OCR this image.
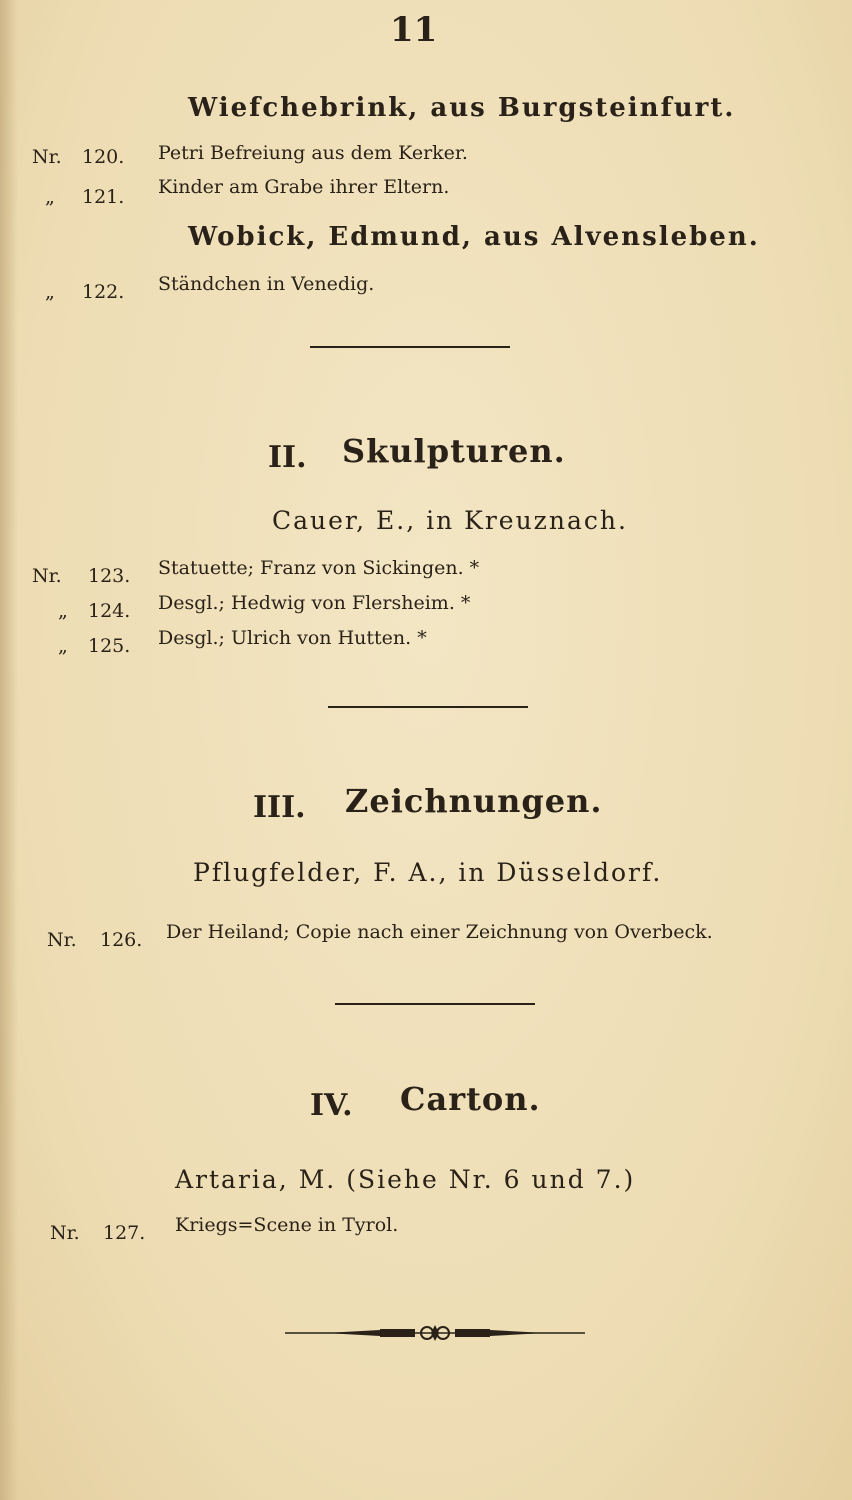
11
Wiefchebrink, aus Burgsteinfurt.
Nr. 120. Petri Befreiung aus dem Kerker.
„ 121. Kinder am Grabe ihrer Eltern.
Wobick, Edmund, aus Alvensleben.
„ 122. Ständchen in Venedig.
II. Skulpturen.
Cauer, E., in Kreuznach.
Nr. 123. Statuette; Franz von Sickingen. *
„ 124. Desgl.; Hedwig von Flersheim. *
„ 125. Desgl.; Ulrich von Hutten. *
III. Zeichnungen.
Pflugfelder, F. A., in Düsseldorf.
Nr. 126. Der Heiland; Copie nach einer Zeichnung von Overbeck.
IV. Carton.
Artaria, M. (Siehe Nr. 6 und 7.)
Nr. 127. Kriegs=Scene in Tyrol.
